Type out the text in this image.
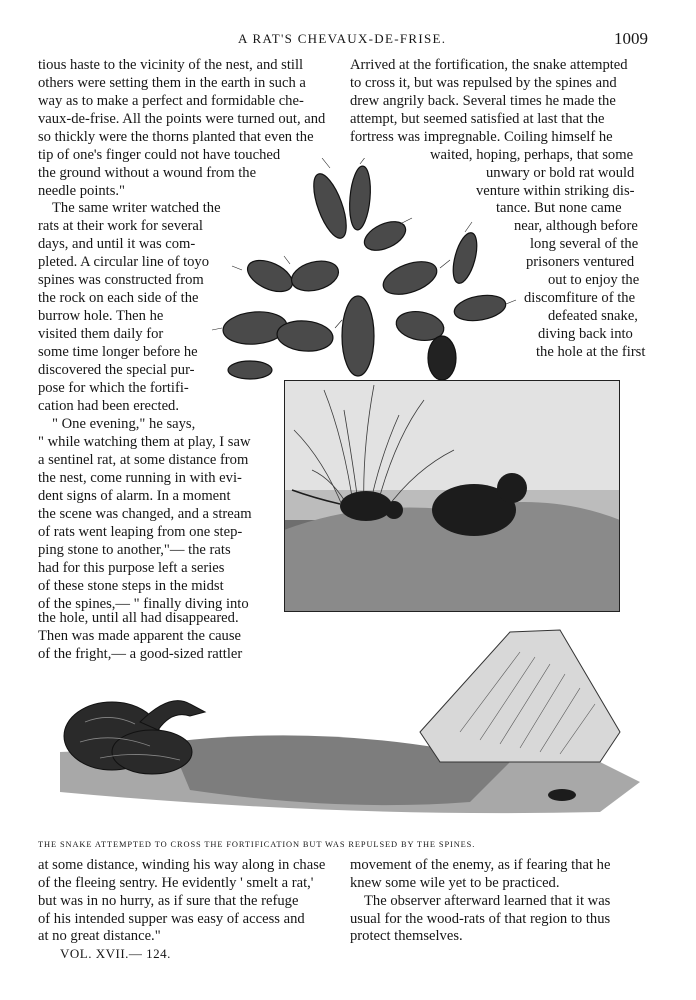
A RAT'S CHEVAUX-DE-FRISE.	1009
tious haste to the vicinity of the nest, and still
others were setting them in the earth in such a
way as to make a perfect and formidable che-
vaux-de-frise. All the points were turned out, and
so thickly were the thorns planted that even the
tip of one's finger could not have touched
the ground without a wound from the
needle points."
The same writer watched the
rats at their work for several
days, and until it was com-
pleted. A circular line of toyo
spines was constructed from
the rock on each side of the
burrow hole. Then he
visited them daily for
some time longer before he
discovered the special pur-
pose for which the fortifi-
cation had been erected.
" One evening," he says,
" while watching them at play, I saw
a sentinel rat, at some distance from
the nest, come running in with evi-
dent signs of alarm. In a moment
the scene was changed, and a stream
of rats went leaping from one step-
ping stone to another,"— the rats
had for this purpose left a series
of these stone steps in the midst
of the spines,— " finally diving into
the hole, until all had disappeared.
Then was made apparent the cause
of the fright,— a good-sized rattler
Arrived at the fortification, the snake attempted
to cross it, but was repulsed by the spines and
drew angrily back. Several times he made the
attempt, but seemed satisfied at last that the
fortress was impregnable. Coiling himself he
waited, hoping, perhaps, that some
unwary or bold rat would
venture within striking dis-
tance. But none came
near, although before
long several of the
prisoners ventured
out to enjoy the
discomfiture of the
defeated snake,
diving back into
the hole at the first
THE SNAKE ATTEMPTED TO CROSS THE FORTIFICATION BUT WAS REPULSED BY THE SPINES.
at some distance, winding his way along in chase
of the fleeing sentry. He evidently ' smelt a rat,'
but was in no hurry, as if sure that the refuge
of his intended supper was easy of access and
at no great distance."
movement of the enemy, as if fearing that he
knew some wile yet to be practiced.
The observer afterward learned that it was
usual for the wood-rats of that region to thus
protect themselves.
VOL. XVII.— 124.
